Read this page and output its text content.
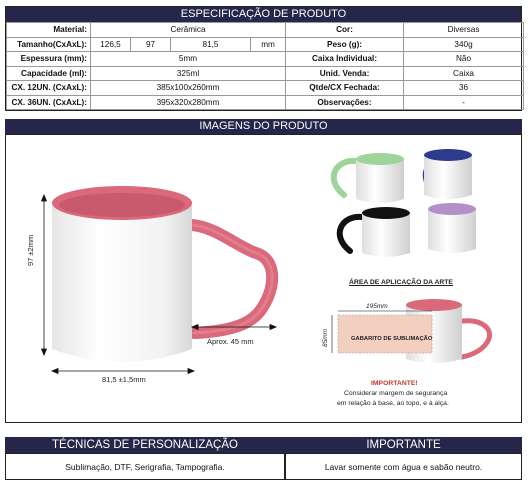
ESPECIFICAÇÃO DE PRODUTO
Material:	Cerâmica				Cor:	Diversas
Tamanho(CxAxL):	126,5	97	81,5	mm	Peso (g):	340g
Espessura (mm):	5mm				Caixa Individual:	Não
Capacidade (ml):	325ml				Unid. Venda:	Caixa
CX. 12UN. (CxAxL):	385x100x260mm				Qtde/CX Fechada:	36
CX. 36UN. (CxAxL):	395x320x280mm				Observações:	-
IMAGENS DO PRODUTO
97 ±2mm
81,5 ±1,5mm
Aprox. 45 mm
ÁREA DE APLICAÇÃO DA ARTE
195mm
85mm	GABARITO DE SUBLIMAÇÃO
IMPORTANTE!
Considerar margem de segurança
em relação à base, ao topo, e à alça.
TÉCNICAS DE PERSONALIZAÇÃO	IMPORTANTE
Sublimação, DTF, Serigrafia, Tampografia.	Lavar somente com água e sabão neutro.
